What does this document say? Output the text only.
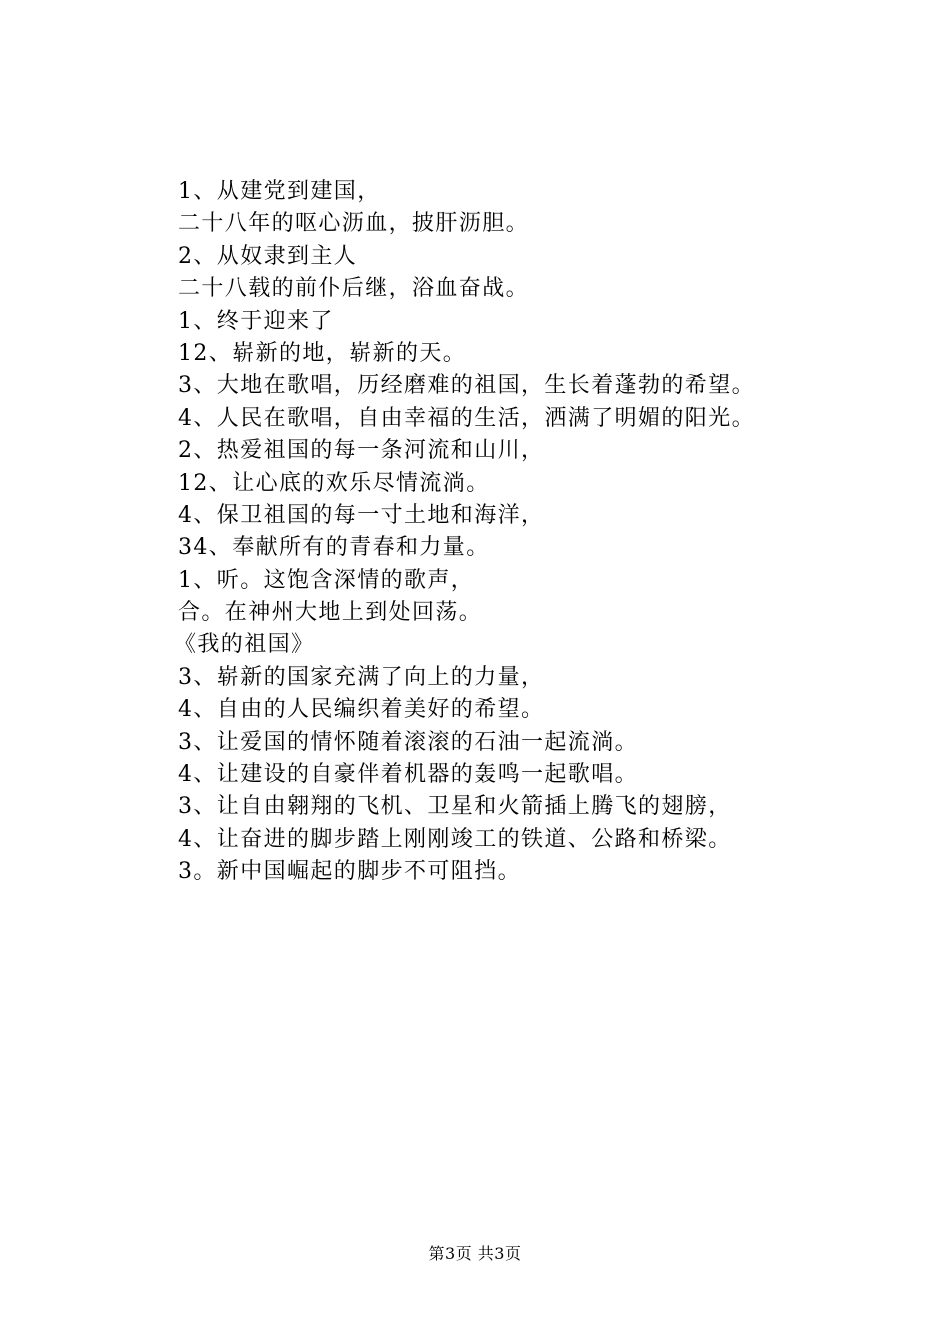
1、从建党到建国，
二十八年的呕心沥血，披肝沥胆。
2、从奴隶到主人
二十八载的前仆后继，浴血奋战。
1、终于迎来了
12、崭新的地，崭新的天。
3、大地在歌唱，历经磨难的祖国，生长着蓬勃的希望。
4、人民在歌唱，自由幸福的生活，洒满了明媚的阳光。
2、热爱祖国的每一条河流和山川，
12、让心底的欢乐尽情流淌。
4、保卫祖国的每一寸土地和海洋，
34、奉献所有的青春和力量。
1、听。这饱含深情的歌声，
合。在神州大地上到处回荡。
《我的祖国》
3、崭新的国家充满了向上的力量，
4、自由的人民编织着美好的希望。
3、让爱国的情怀随着滚滚的石油一起流淌。
4、让建设的自豪伴着机器的轰鸣一起歌唱。
3、让自由翱翔的飞机、卫星和火箭插上腾飞的翅膀，
4、让奋进的脚步踏上刚刚竣工的铁道、公路和桥梁。
3。新中国崛起的脚步不可阻挡。
第3页 共3页
